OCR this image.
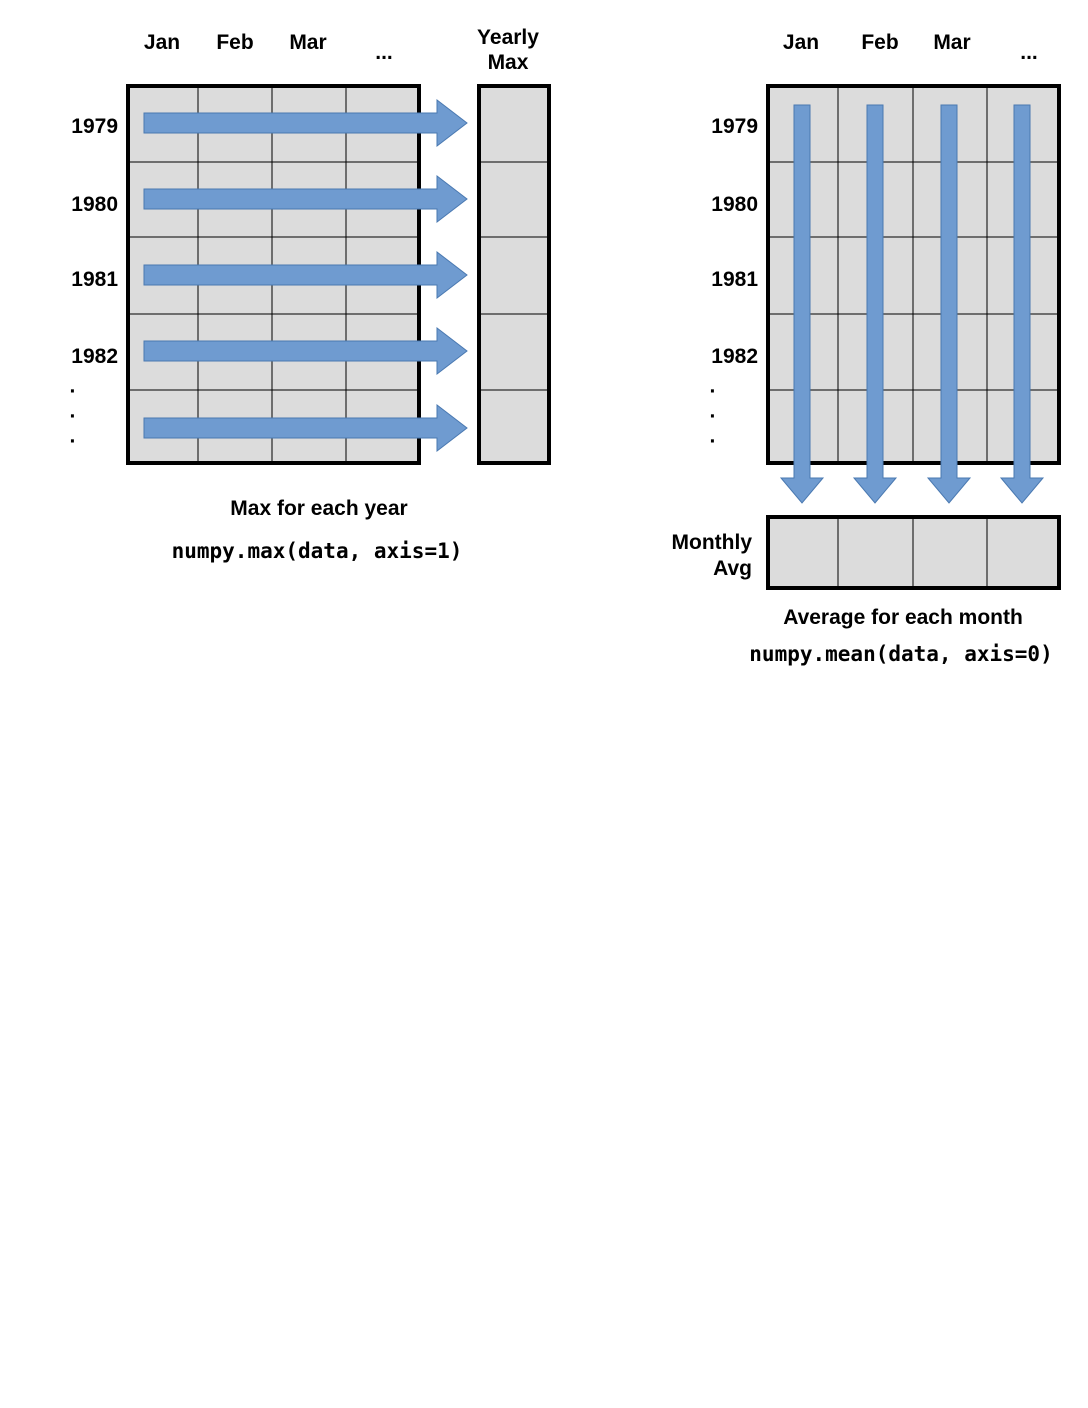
Jan Feb Mar ...
Yearly
Max
1979
1980
1981
1982
·
·
·
Max for each year
numpy.max(data, axis=1)
Jan Feb Mar ...
1979
1980
1981
1982
·
·
·
Monthly
Avg
Average for each month
numpy.mean(data, axis=0)
